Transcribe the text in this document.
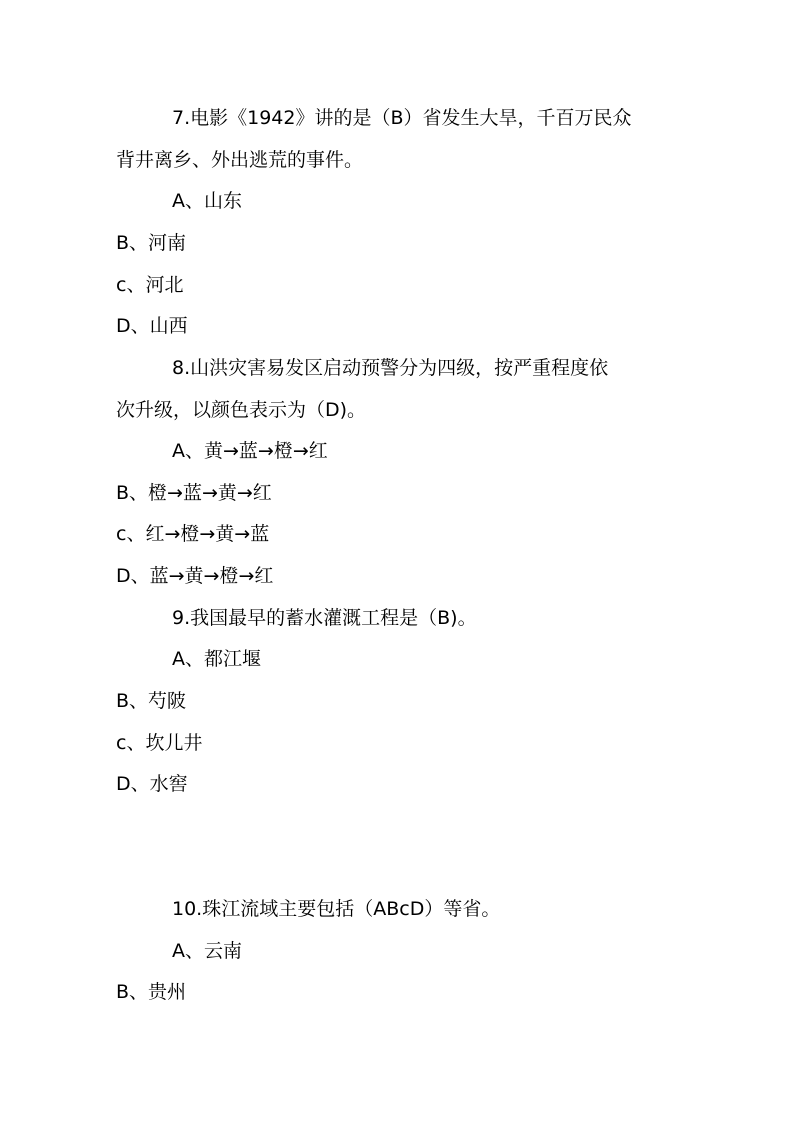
7.电影《1942》讲的是（B）省发生大旱，千百万民众
背井离乡、外出逃荒的事件。
A、山东
B、河南
c、河北
D、山西
8.山洪灾害易发区启动预警分为四级，按严重程度依
次升级，以颜色表示为（D)。
A、黄→蓝→橙→红
B、橙→蓝→黄→红
c、红→橙→黄→蓝
D、蓝→黄→橙→红
9.我国最早的蓄水灌溉工程是（B)。
A、都江堰
B、芍陂
c、坎儿井
D、水窖
10.珠江流域主要包括（ABcD）等省。
A、云南
B、贵州
